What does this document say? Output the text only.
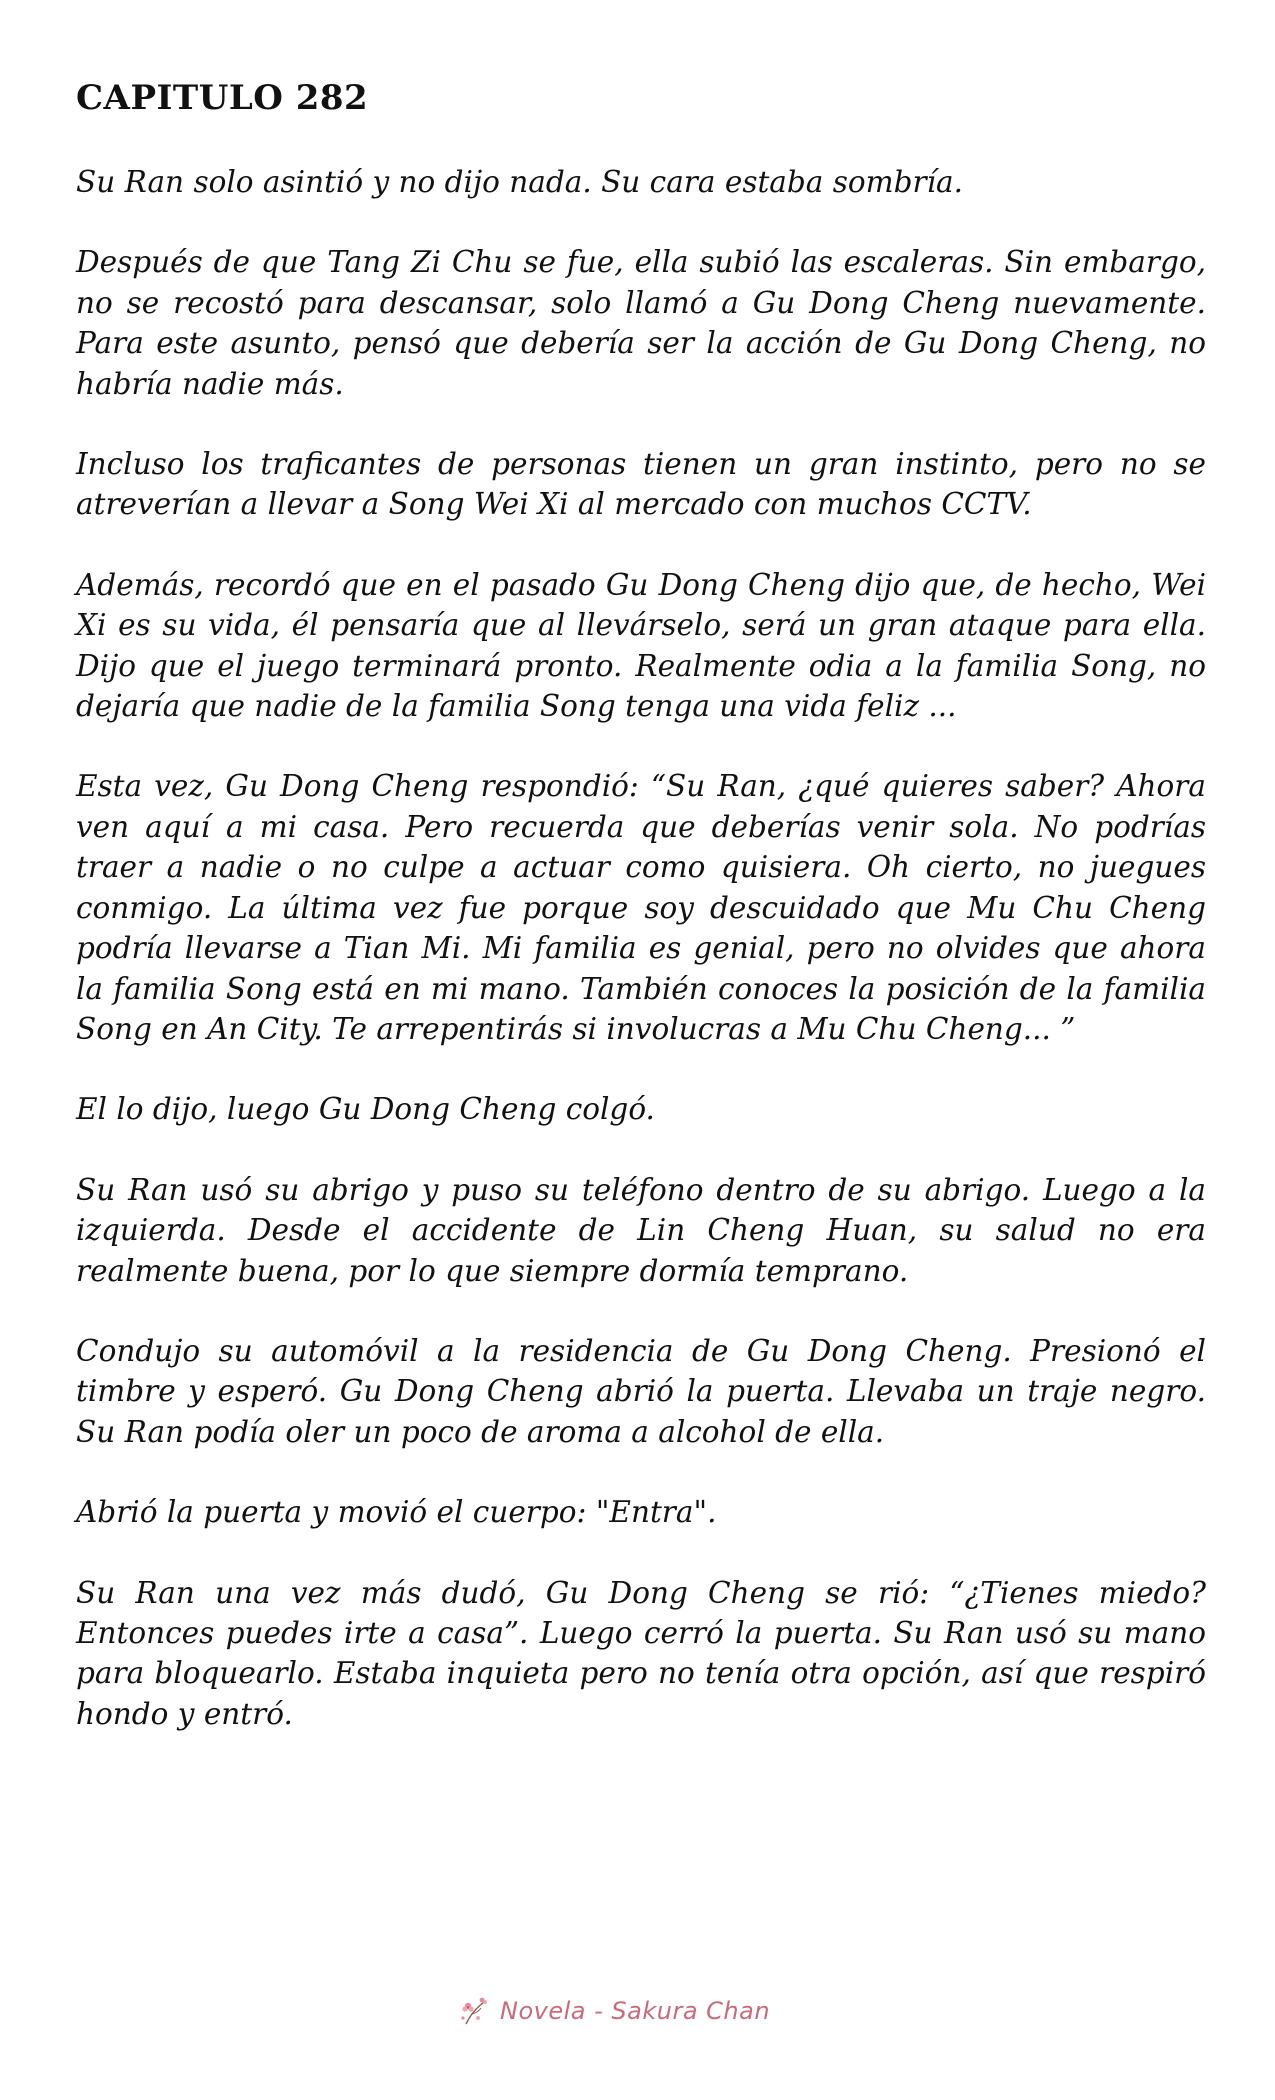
CAPITULO 282

Su Ran solo asintió y no dijo nada. Su cara estaba sombría.

Después de que Tang Zi Chu se fue, ella subió las escaleras. Sin embargo, no se recostó para descansar, solo llamó a Gu Dong Cheng nuevamente. Para este asunto, pensó que debería ser la acción de Gu Dong Cheng, no habría nadie más.

Incluso los traficantes de personas tienen un gran instinto, pero no se atreverían a llevar a Song Wei Xi al mercado con muchos CCTV.

Además, recordó que en el pasado Gu Dong Cheng dijo que, de hecho, Wei Xi es su vida, él pensaría que al llevárselo, será un gran ataque para ella. Dijo que el juego terminará pronto. Realmente odia a la familia Song, no dejaría que nadie de la familia Song tenga una vida feliz ...

Esta vez, Gu Dong Cheng respondió: “Su Ran, ¿qué quieres saber? Ahora ven aquí a mi casa. Pero recuerda que deberías venir sola. No podrías traer a nadie o no culpe a actuar como quisiera. Oh cierto, no juegues conmigo. La última vez fue porque soy descuidado que Mu Chu Cheng podría llevarse a Tian Mi. Mi familia es genial, pero no olvides que ahora la familia Song está en mi mano. También conoces la posición de la familia Song en An City. Te arrepentirás si involucras a Mu Chu Cheng... ”

El lo dijo, luego Gu Dong Cheng colgó.

Su Ran usó su abrigo y puso su teléfono dentro de su abrigo. Luego a la izquierda. Desde el accidente de Lin Cheng Huan, su salud no era realmente buena, por lo que siempre dormía temprano.

Condujo su automóvil a la residencia de Gu Dong Cheng. Presionó el timbre y esperó. Gu Dong Cheng abrió la puerta. Llevaba un traje negro. Su Ran podía oler un poco de aroma a alcohol de ella.

Abrió la puerta y movió el cuerpo: "Entra".

Su Ran una vez más dudó, Gu Dong Cheng se rió: “¿Tienes miedo? Entonces puedes irte a casa”. Luego cerró la puerta. Su Ran usó su mano para bloquearlo. Estaba inquieta pero no tenía otra opción, así que respiró hondo y entró.

Novela - Sakura Chan
